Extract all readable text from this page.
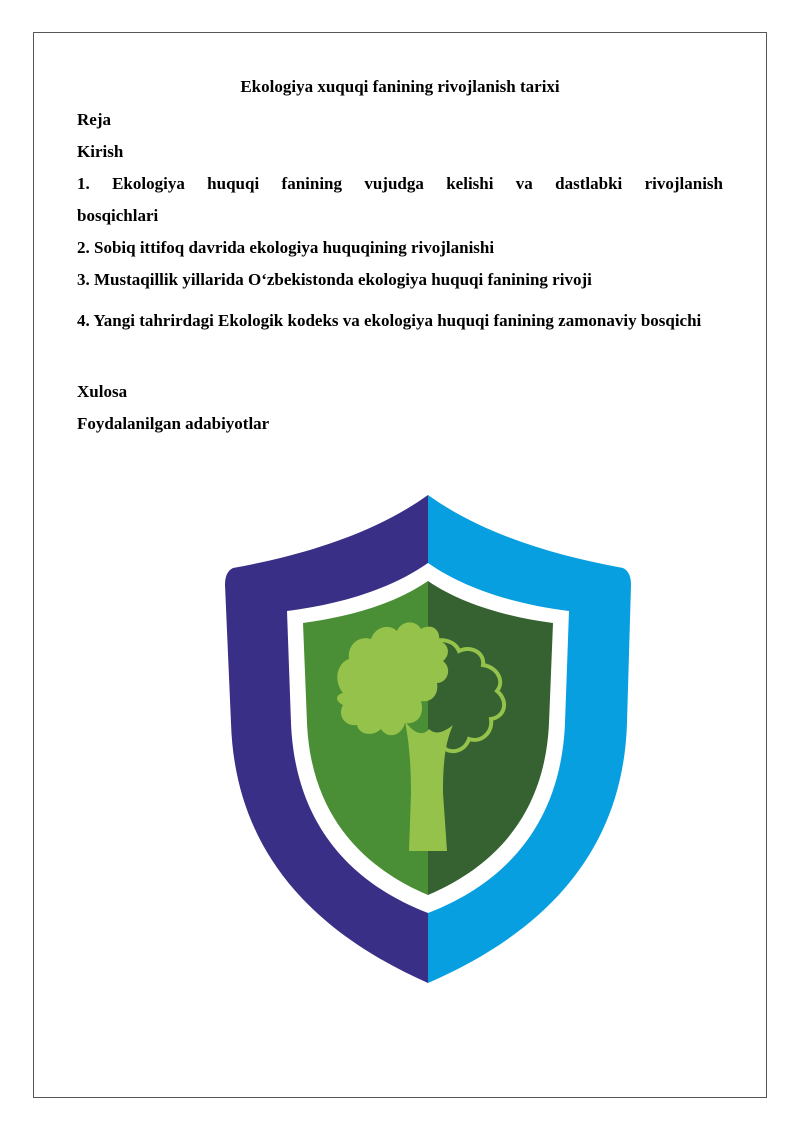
Ekologiya xuquqi fanining rivojlanish tarixi

Reja

Kirish

1. Ekologiya huquqi fanining vujudga kelishi va dastlabki rivojlanish

bosqichlari

2. Sobiq ittifoq davrida ekologiya huquqining rivojlanishi

3. Mustaqillik yillarida O‘zbekistonda ekologiya huquqi fanining rivoji

4. Yangi tahrirdagi Ekologik kodeks va ekologiya huquqi fanining zamonaviy bosqichi

Xulosa

Foydalanilgan adabiyotlar
